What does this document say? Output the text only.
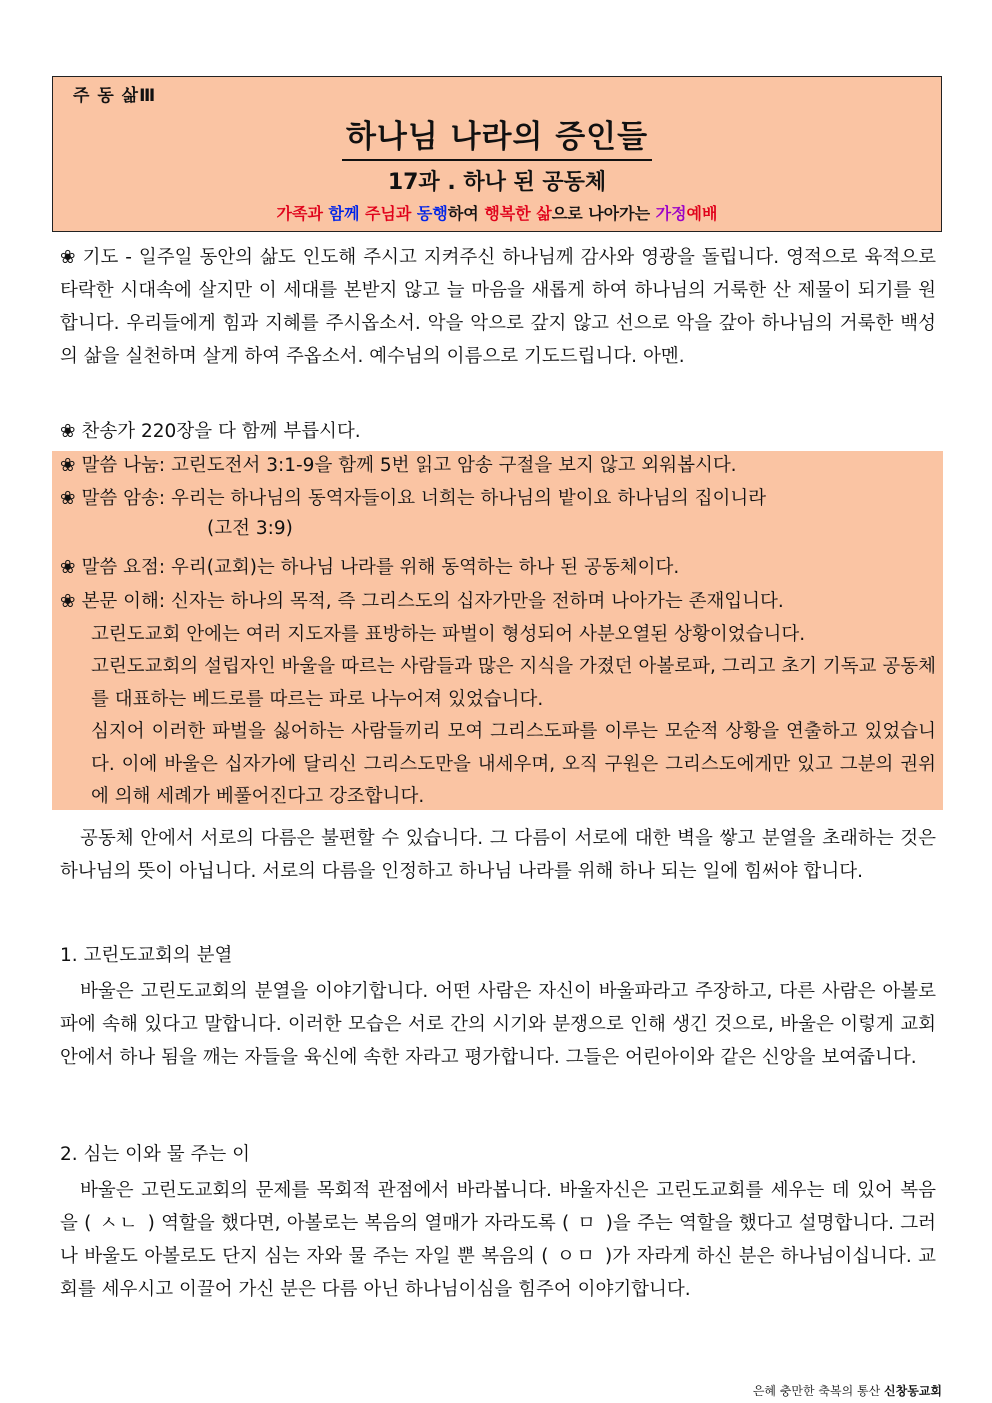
주 동 삶Ⅲ
하나님 나라의 증인들
17과 . 하나 된 공동체
가족과 함께 주님과 동행하여 행복한 삶으로 나아가는 가정예배
❀ 기도 - 일주일 동안의 삶도 인도해 주시고 지켜주신 하나님께 감사와 영광을 돌립니다. 영적으로 육적으로 타락한 시대속에 살지만 이 세대를 본받지 않고 늘 마음을 새롭게 하여 하나님의 거룩한 산 제물이 되기를 원합니다. 우리들에게 힘과 지혜를 주시옵소서. 악을 악으로 갚지 않고 선으로 악을 갚아 하나님의 거룩한 백성의 삶을 실천하며 살게 하여 주옵소서. 예수님의 이름으로 기도드립니다. 아멘.
❀ 찬송가 220장을 다 함께 부릅시다.
❀ 말씀 나눔: 고린도전서 3:1-9을 함께 5번 읽고 암송 구절을 보지 않고 외워봅시다.
❀ 말씀 암송: 우리는 하나님의 동역자들이요 너희는 하나님의 밭이요 하나님의 집이니라
(고전 3:9)
❀ 말씀 요점: 우리(교회)는 하나님 나라를 위해 동역하는 하나 된 공동체이다.
❀ 본문 이해: 신자는 하나의 목적, 즉 그리스도의 십자가만을 전하며 나아가는 존재입니다.
고린도교회 안에는 여러 지도자를 표방하는 파벌이 형성되어 사분오열된 상황이었습니다.
고린도교회의 설립자인 바울을 따르는 사람들과 많은 지식을 가졌던 아볼로파, 그리고 초기 기독교 공동체를 대표하는 베드로를 따르는 파로 나누어져 있었습니다.
심지어 이러한 파벌을 싫어하는 사람들끼리 모여 그리스도파를 이루는 모순적 상황을 연출하고 있었습니다. 이에 바울은 십자가에 달리신 그리스도만을 내세우며, 오직 구원은 그리스도에게만 있고 그분의 권위에 의해 세례가 베풀어진다고 강조합니다.
공동체 안에서 서로의 다름은 불편할 수 있습니다. 그 다름이 서로에 대한 벽을 쌓고 분열을 초래하는 것은 하나님의 뜻이 아닙니다. 서로의 다름을 인정하고 하나님 나라를 위해 하나 되는 일에 힘써야 합니다.
1. 고린도교회의 분열
바울은 고린도교회의 분열을 이야기합니다. 어떤 사람은 자신이 바울파라고 주장하고, 다른 사람은 아볼로파에 속해 있다고 말합니다. 이러한 모습은 서로 간의 시기와 분쟁으로 인해 생긴 것으로, 바울은 이렇게 교회 안에서 하나 됨을 깨는 자들을 육신에 속한 자라고 평가합니다. 그들은 어린아이와 같은 신앙을 보여줍니다.
2. 심는 이와 물 주는 이
바울은 고린도교회의 문제를 목회적 관점에서 바라봅니다. 바울자신은 고린도교회를 세우는 데 있어 복음을 ( ㅅㄴ ) 역할을 했다면, 아볼로는 복음의 열매가 자라도록 ( ㅁ )을 주는 역할을 했다고 설명합니다. 그러나 바울도 아볼로도 단지 심는 자와 물 주는 자일 뿐 복음의 ( ㅇㅁ )가 자라게 하신 분은 하나님이십니다. 교회를 세우시고 이끌어 가신 분은 다름 아닌 하나님이심을 힘주어 이야기합니다.
은혜 충만한 축복의 통산 신창동교회
